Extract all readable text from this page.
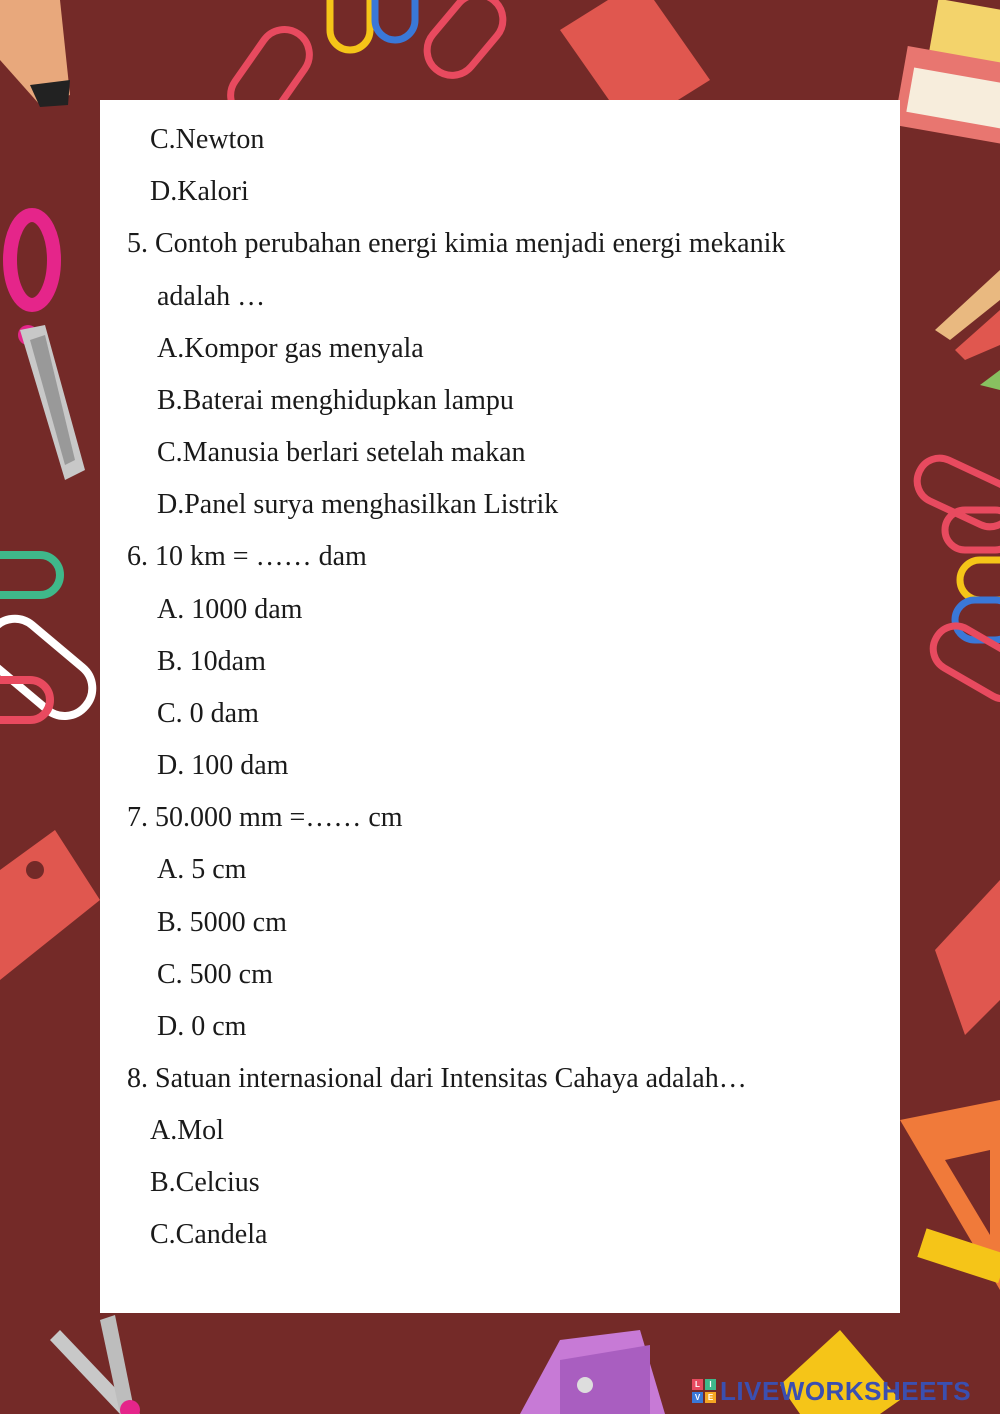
C.Newton
D.Kalori
5. Contoh perubahan energi kimia menjadi energi mekanik
adalah …
A.Kompor gas menyala
B.Baterai menghidupkan lampu
C.Manusia berlari setelah makan
D.Panel surya menghasilkan Listrik
6. 10 km = …… dam
A. 1000 dam
B. 10dam
C. 0 dam
D. 100 dam
7. 50.000 mm =…… cm
A. 5 cm
B. 5000 cm
C. 500 cm
D. 0 cm
8. Satuan internasional dari Intensitas Cahaya adalah…
A.Mol
B.Celcius
C.Candela
L	I
V E LIVEWORKSHEETS
